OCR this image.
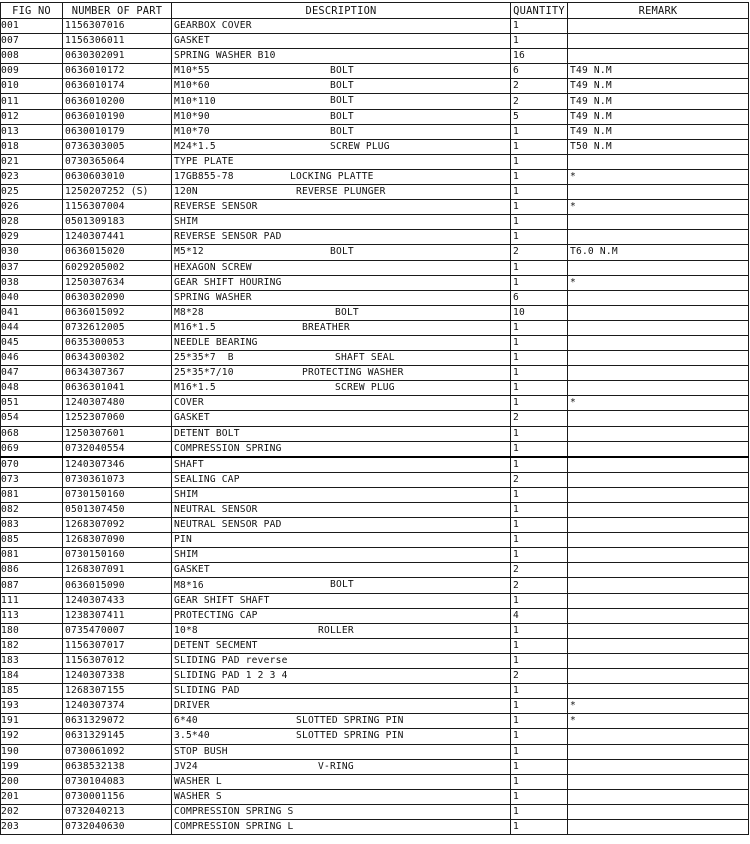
FIG NO	NUMBER OF PART	DESCRIPTION	QUANTITY	REMARK
001	1156307016	GEARBOX COVER	1	
007	1156306011	GASKET	1	
008	0630302091	SPRING WASHER B10	16	
009	0636010172	M10*55 BOLT	6	T49 N.M
010	0636010174	M10*60 BOLT	2	T49 N.M
011	0636010200	M10*110 BOLT	2	T49 N.M
012	0636010190	M10*90 BOLT	5	T49 N.M
013	0630010179	M10*70 BOLT	1	T49 N.M
018	0736303005	M24*1.5 SCREW PLUG	1	T50 N.M
021	0730365064	TYPE PLATE	1	
023	0630603010	17GB855-78 LOCKING PLATTE	1	*
025	1250207252 (S)	120N REVERSE PLUNGER	1	
026	1156307004	REVERSE SENSOR	1	*
028	0501309183	SHIM	1	
029	1240307441	REVERSE SENSOR PAD	1	
030	0636015020	M5*12 BOLT	2	T6.0 N.M
037	6029205002	HEXAGON SCREW	1	
038	1250307634	GEAR SHIFT HOURING	1	*
040	0630302090	SPRING WASHER	6	
041	0636015092	M8*28 BOLT	10	
044	0732612005	M16*1.5 BREATHER	1	
045	0635300053	NEEDLE BEARING	1	
046	0634300302	25*35*7  B SHAFT SEAL	1	
047	0634307367	25*35*7/10 PROTECTING WASHER	1	
048	0636301041	M16*1.5 SCREW PLUG	1	
051	1240307480	COVER	1	*
054	1252307060	GASKET	2	
068	1250307601	DETENT BOLT	1	
069	0732040554	COMPRESSION SPRING	1	
070	1240307346	SHAFT	1	
073	0730361073	SEALING CAP	2	
081	0730150160	SHIM	1	
082	0501307450	NEUTRAL SENSOR	1	
083	1268307092	NEUTRAL SENSOR PAD	1	
085	1268307090	PIN	1	
081	0730150160	SHIM	1	
086	1268307091	GASKET	2	
087	0636015090	M8*16 BOLT	2	
111	1240307433	GEAR SHIFT SHAFT	1	
113	1238307411	PROTECTING CAP	4	
180	0735470007	10*8 ROLLER	1	
182	1156307017	DETENT SECMENT	1	
183	1156307012	SLIDING PAD reverse	1	
184	1240307338	SLIDING PAD 1 2 3 4	2	
185	1268307155	SLIDING PAD	1	
193	1240307374	DRIVER	1	*
191	0631329072	6*40 SLOTTED SPRING PIN	1	*
192	0631329145	3.5*40 SLOTTED SPRING PIN	1	
190	0730061092	STOP BUSH	1	
199	0638532138	JV24 V-RING	1	
200	0730104083	WASHER L	1	
201	0730001156	WASHER S	1	
202	0732040213	COMPRESSION SPRING S	1	
203	0732040630	COMPRESSION SPRING L	1	
